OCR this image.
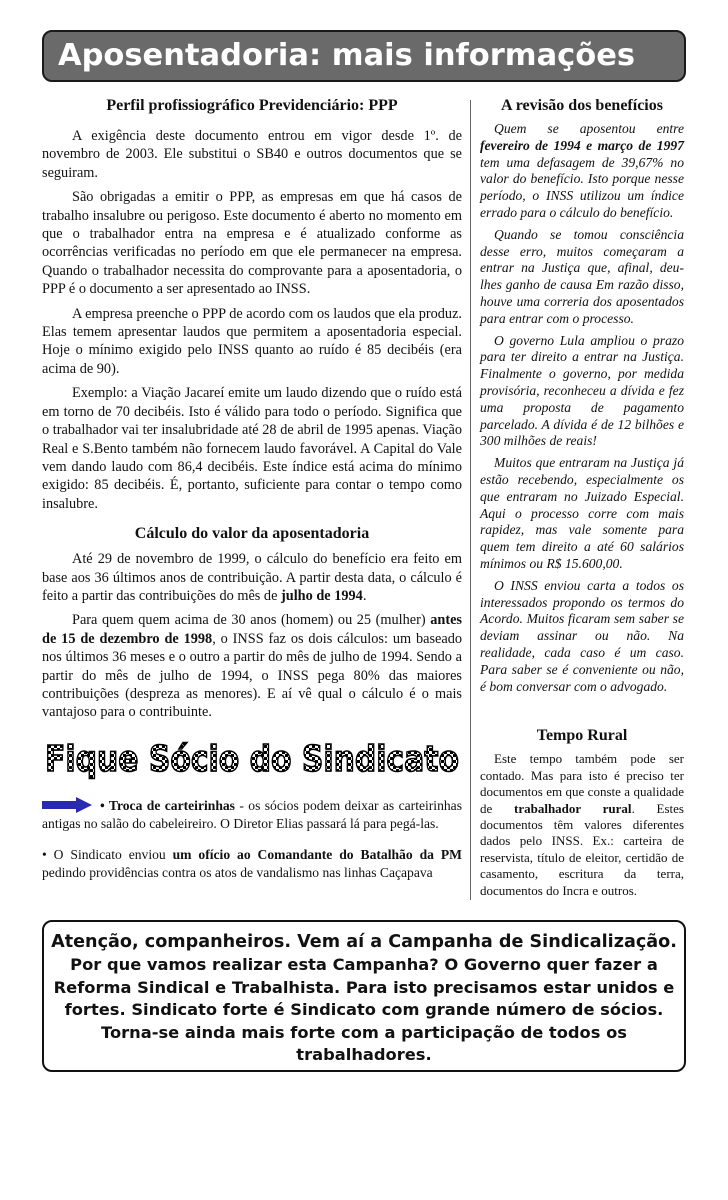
Aposentadoria: mais informações
Perfil profissiográfico Previdenciário: PPP

A exigência deste documento entrou em vigor desde 1º. de novembro de 2003. Ele substitui o SB40 e outros documentos que se seguiram.

São obrigadas a emitir o PPP, as empresas em que há casos de trabalho insalubre ou perigoso. Este documento é aberto no momento em que o trabalhador entra na empresa e é atualizado conforme as ocorrências verificadas no período em que ele permanecer na empresa. Quando o trabalhador necessita do comprovante para a aposentadoria, o PPP é o documento a ser apresentado ao INSS.

A empresa preenche o PPP de acordo com os laudos que ela produz. Elas temem apresentar laudos que permitem a aposentadoria especial. Hoje o mínimo exigido pelo INSS quanto ao ruído é 85 decibéis (era acima de 90).

Exemplo: a Viação Jacareí emite um laudo dizendo que o ruído está em torno de 70 decibéis. Isto é válido para todo o período. Significa que o trabalhador vai ter insalubridade até 28 de abril de 1995 apenas. Viação Real e S.Bento também não fornecem laudo favorável. A Capital do Vale vem dando laudo com 86,4 decibéis. Este índice está acima do mínimo exigido: 85 decibéis. É, portanto, suficiente para contar o tempo como insalubre.

Cálculo do valor da aposentadoria

Até 29 de novembro de 1999, o cálculo do benefício era feito em base aos 36 últimos anos de contribuição. A partir desta data, o cálculo é feito a partir das contribuições do mês de julho de 1994.

Para quem quem acima de 30 anos (homem) ou 25 (mulher) antes de 15 de dezembro de 1998, o INSS faz os dois cálculos: um baseado nos últimos 36 meses e o outro a partir do mês de julho de 1994. Sendo a partir do mês de julho de 1994, o INSS pega 80% das maiores contribuições (despreza as menores). E aí vê qual o cálculo é o mais vantajoso para o contribuinte.

Fique Sócio do Sindicato
• Troca de carteirinhas - os sócios podem deixar as carteirinhas antigas no salão do cabeleireiro. O Diretor Elias passará lá para pegá-las.
• O Sindicato enviou um ofício ao Comandante do Batalhão da PM pedindo providências contra os atos de vandalismo nas linhas Caçapava
A revisão dos benefícios

Quem se aposentou entre fevereiro de 1994 e março de 1997 tem uma defasagem de 39,67% no valor do benefício. Isto porque nesse período, o INSS utilizou um índice errado para o cálculo do benefício.

Quando se tomou consciência desse erro, muitos começaram a entrar na Justiça que, afinal, deu-lhes ganho de causa Em razão disso, houve uma correria dos aposentados para entrar com o processo.

O governo Lula ampliou o prazo para ter direito a entrar na Justiça. Finalmente o governo, por medida provisória, reconheceu a dívida e fez uma proposta de pagamento parcelado. A dívida é de 12 bilhões e 300 milhões de reais!

Muitos que entraram na Justiça já estão recebendo, especialmente os que entraram no Juizado Especial. Aqui o processo corre com mais rapidez, mas vale somente para quem tem direito a até 60 salários mínimos ou R$ 15.600,00.

O INSS enviou carta a todos os interessados propondo os termos do Acordo. Muitos ficaram sem saber se deviam assinar ou não. Na realidade, cada caso é um caso. Para saber se é conveniente ou não, é bom conversar com o advogado.

Tempo Rural

Este tempo também pode ser contado. Mas para isto é preciso ter documentos em que conste a qualidade de trabalhador rural. Estes documentos têm valores diferentes dados pelo INSS. Ex.: carteira de reservista, título de eleitor, certidão de casamento, escritura da terra, documentos do Incra e outros.

Atenção, companheiros. Vem aí a Campanha de Sindicalização.
Por que vamos realizar esta Campanha? O Governo quer fazer a Reforma Sindical e Trabalhista. Para isto precisamos estar unidos e fortes. Sindicato forte é Sindicato com grande número de sócios. Torna-se ainda mais forte com a participação de todos os trabalhadores.
